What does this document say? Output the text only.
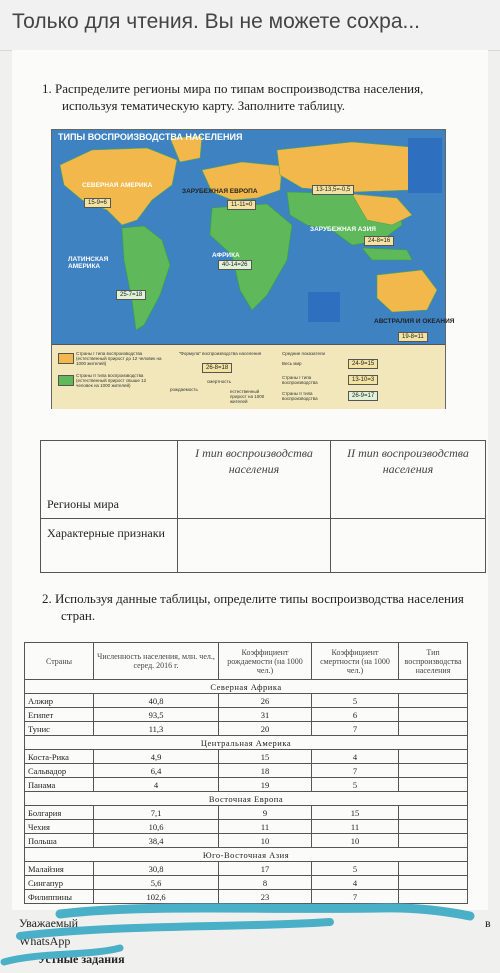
Только для чтения. Вы не можете сохра...
1. Распределите регионы мира по типам воспроизводства населения,
используя тематическую карту. Заполните таблицу.
ТИПЫ ВОСПРОИЗВОДСТВА НАСЕЛЕНИЯ
СЕВЕРНАЯ АМЕРИКА
15-9=6
ЗАРУБЕЖНАЯ ЕВРОПА
11-11=0
13-13,5=-0,5
ЗАРУБЕЖНАЯ АЗИЯ
24-8=16
ЛАТИНСКАЯ АМЕРИКА
25-7=18
АФРИКА
40-14=26
АВСТРАЛИЯ И ОКЕАНИЯ
19-8=11
Страны I типа воспроизводства (естественный прирост до 12 человек на 1000 жителей)
Страны II типа воспроизводства (естественный прирост свыше 12 человек на 1000 жителей)
"Формула" воспроизводства населения
26-8=18
рождаемость
смертность
естественный прирост на 1000 жителей
Средние показатели
Весь мир	24-9=15
Страны I типа воспроизводства	13-10=3
Страны II типа воспроизводства	26-9=17
Регионы мира	I тип воспроизводства населения	II тип воспроизводства населения
Характерные признаки		
2. Используя данные таблицы, определите типы воспроизводства населения
стран.
Страны	Численность населения, млн. чел., серед. 2016 г.	Коэффициент рождаемости (на 1000 чел.)	Коэффициент смертности (на 1000 чел.)	Тип воспроизводства населения
Северная Африка				
Алжир	40,8	26	5	
Египет	93,5	31	6	
Тунис	11,3	20	7	
Центральная Америка				
Коста-Рика	4,9	15	4	
Сальвадор	6,4	18	7	
Панама	4	19	5	
Восточная Европа				
Болгария	7,1	9	15	
Чехия	10,6	11	11	
Польша	38,4	10	10	
Юго-Восточная Азия				
Малайзия	30,8	17	5	
Сингапур	5,6	8	4	
Филиппины	102,6	23	7	
Уважаемый	в
WhatsApp
Устные задания
